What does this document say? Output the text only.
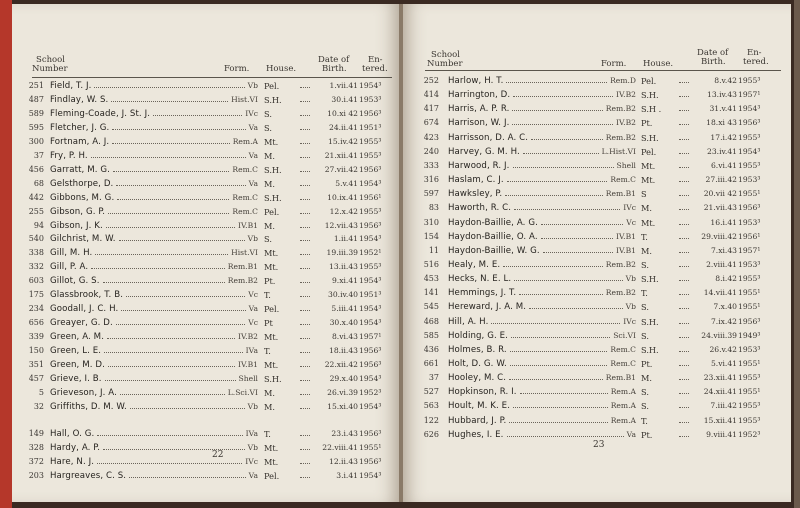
School
Number	Form. House.
Date of
Birth.
En-
tered.
251 Field, T. J.	Vb Pel.	1.vii.41 1954³
487 Findlay, W. S.	Hist.VI S.H.	30.i.41 1953³
589 Fleming-Coade, J. St. J.	IVc S.	10.xi 42 1956³
595 Fletcher, J. G.	Va S.	24.ii.41 1951³
300 Fortnam, A. J.	Rem.A Mt.	15.iv.42 1955³
37 Fry, P. H.	Va M.	21.xii.41 1955³
456 Garratt, M. G.	Rem.C S.H.	27.vii.42 1956³
68 Gelsthorpe, D.	Va M.	5.v.41 1954³
442 Gibbons, M. G.	Rem.C S.H.	10.ix.41 1956¹
255 Gibson, G. P.	Rem.C Pel.	12.x.42 1955³
94 Gibson, J. K.	IV.B1 M.	12.vii.43 1956³
540 Gilchrist, M. W.	Vb S.	1.ii.41 1954³
338 Gill, M. H.	Hist.VI Mt.	19.iii.39 1952¹
332 Gill, P. A.	Rem.B1 Mt.	13.ii.43 1955³
603 Gillot, G. S.	Rem.B2 Pt.	9.xi.41 1954³
175 Glassbrook, T. B.	Vc T.	30.iv.40 1951³
234 Goodall, J. C. H.	Va Pel.	5.iii.41 1954³
656 Greayer, G. D.	Vc Pt	30.x.40 1954³
339 Green, A. M.	IV.B2 Mt.	8.vi.43 1957¹
150 Green, L. E.	IVa T.	18.ii.43 1956³
351 Green, M. D.	IV.B1 Mt.	22.xii.42 1956³
457 Grieve, I. B.	Shell S.H.	29.x.40 1954³
5 Grieveson, J. A.	L.Sci.VI M.	26.vi.39 1952³
32 Griffiths, D. M. W.	Vb M.	15.xi.40 1954³
149 Hall, O. G.	IVa T.	23.i.43 1956³
328 Hardy, A. P.	Vb Mt.	22.viii.41 1955¹
372 Hare, N. J.	IVc Mt.	12.ii.43 1956³
203 Hargreaves, C. S.	Va Pel.	3.i.41 1954³
22
School
Number	Form. House.
Date of
Birth.
En-
tered.
252 Harlow, H. T.	Rem.D Pel.	8.v.42 1955³
414 Harrington, D.	IV.B2 S.H.	13.iv.43 1957¹
417 Harris, A. P. R.	Rem.B2 S.H .	31.v.41 1954³
674 Harrison, W. J.	IV.B2 Pt.	18.xi 43 1956³
423 Harrisson, D. A. C.	Rem.B2 S.H.	17.i.42 1955³
240 Harvey, G. M. H.	L.Hist.VI Pel.	23.iv.41 1954³
333 Harwood, R. J.	Shell Mt.	6.vi.41 1955³
316 Haslam, C. J.	Rem.C Mt.	27.iii.42 1953³
597 Hawksley, P.	Rem.B1 S	20.vii 42 1955¹
83 Haworth, R. C.	IVc M.	21.vii.43 1956³
310 Haydon-Baillie, A. G.	Vc Mt.	16.i.41 1953³
154 Haydon-Baillie, O. A.	IV.B1 T.	29.viii.42 1956¹
11 Haydon-Baillie, W. G.	IV.B1 M.	7.xi.43 1957¹
516 Healy, M. E.	Rem.B2 S.	2.viii.41 1953³
453 Hecks, N. E. L.	Vb S.H.	8.i.42 1955³
141 Hemmings, J. T.	Rem.B2 T.	14.vii.41 1955¹
545 Hereward, J. A. M.	Vb S.	7.x.40 1955¹
468 Hill, A. H.	IVc S.H.	7.ix.42 1956³
585 Holding, G. E.	Sci.VI S.	24.viii.39 1949³
436 Holmes, B. R.	Rem.C S.H.	26.v.42 1953³
661 Holt, D. G. W.	Rem.C Pt.	5.vi.41 1955¹
37 Hooley, M. C.	Rem.B1 M.	23.xii.41 1955³
527 Hopkinson, R. I.	Rem.A S.	24.xii.41 1955¹
563 Hoult, M. K. E.	Rem.A S.	7.iii.42 1955³
122 Hubbard, J. P.	Rem.A T.	15.xii.41 1955³
626 Hughes, I. E.	Va Pt.	9.viii.41 1952³
23
